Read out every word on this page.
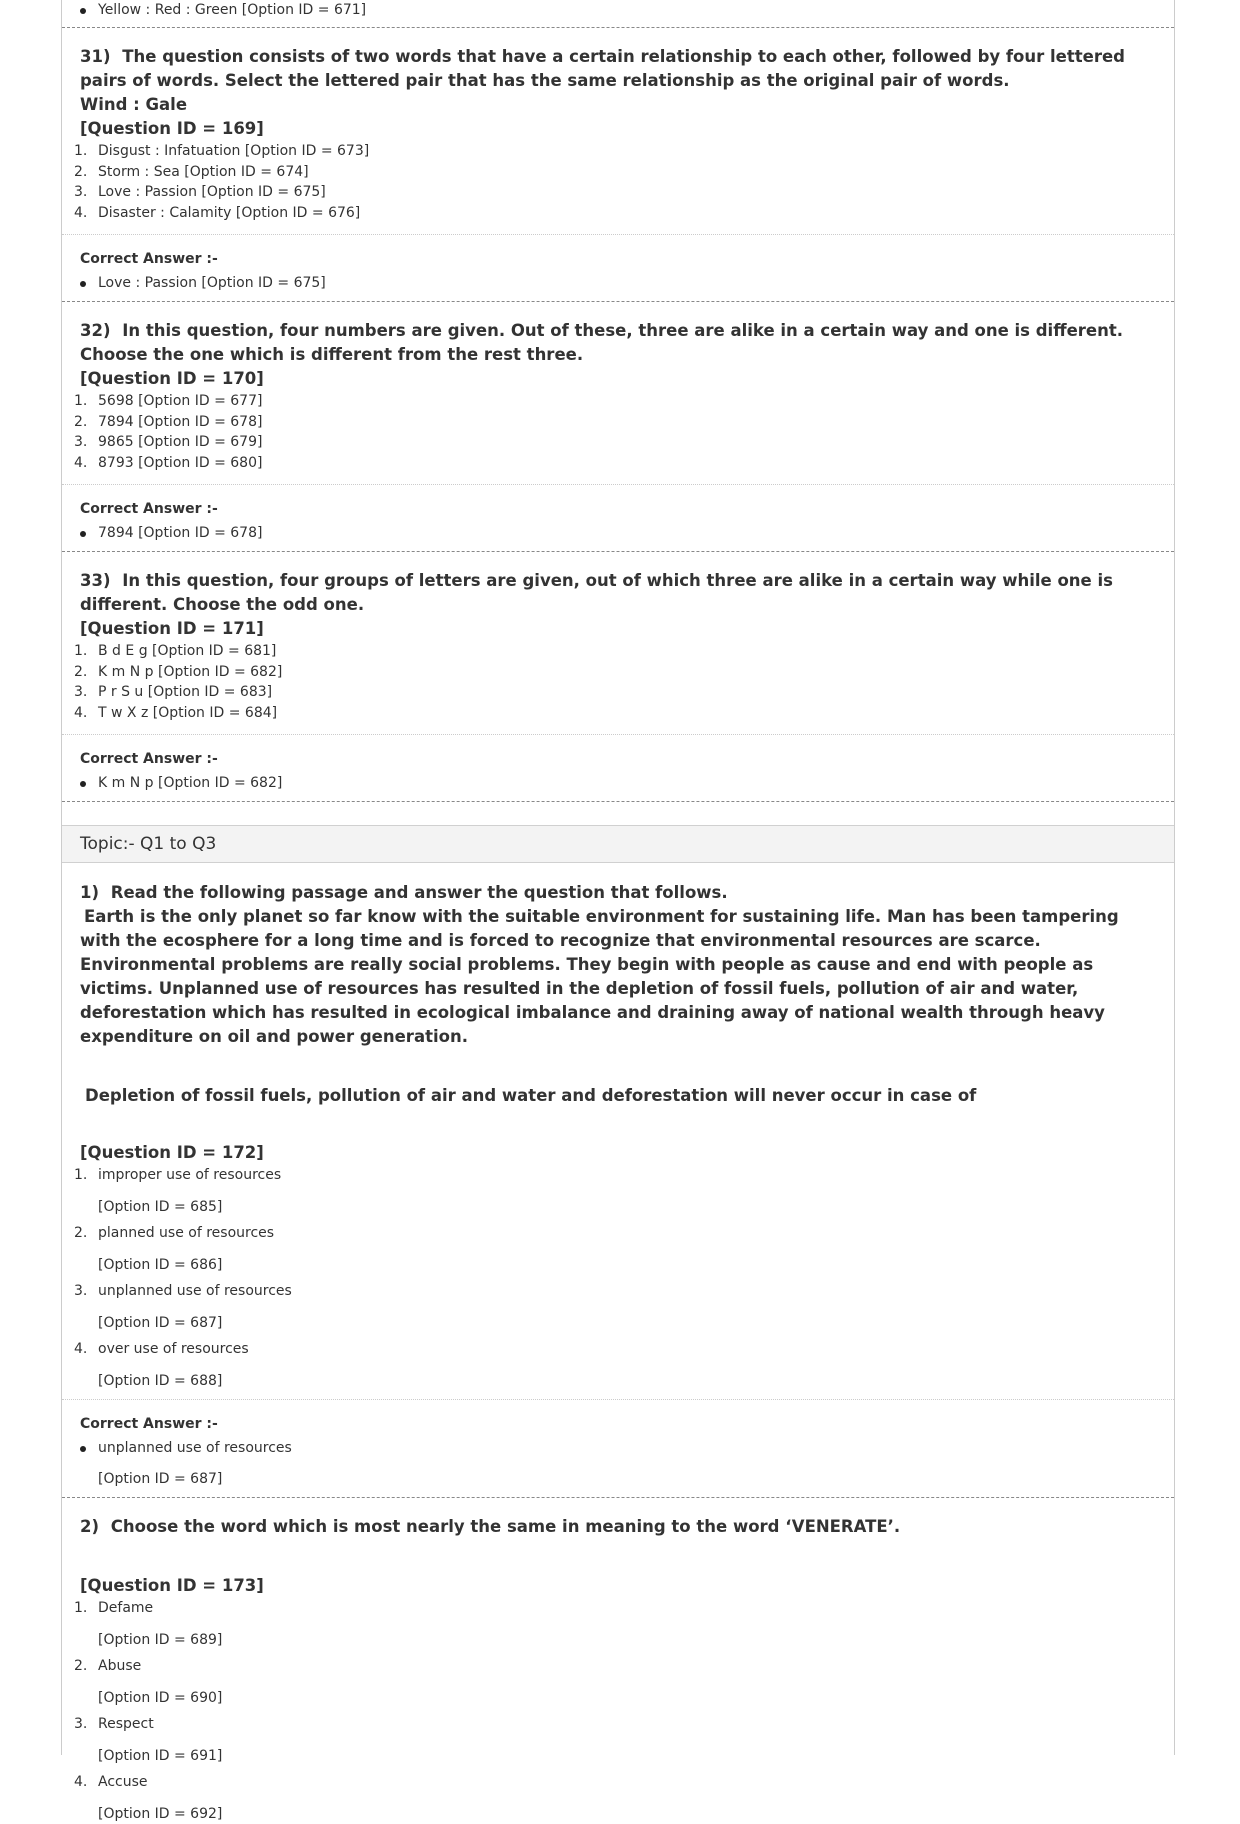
Yellow : Red : Green [Option ID = 671]
31) The question consists of two words that have a certain relationship to each other, followed by four lettered pairs of words. Select the lettered pair that has the same relationship as the original pair of words.
Wind : Gale
[Question ID = 169]
1. Disgust : Infatuation [Option ID = 673]
2. Storm : Sea [Option ID = 674]
3. Love : Passion [Option ID = 675]
4. Disaster : Calamity [Option ID = 676]
Correct Answer :-
Love : Passion [Option ID = 675]
32) In this question, four numbers are given. Out of these, three are alike in a certain way and one is different. Choose the one which is different from the rest three.
[Question ID = 170]
1. 5698 [Option ID = 677]
2. 7894 [Option ID = 678]
3. 9865 [Option ID = 679]
4. 8793 [Option ID = 680]
Correct Answer :-
7894 [Option ID = 678]
33) In this question, four groups of letters are given, out of which three are alike in a certain way while one is different. Choose the odd one.
[Question ID = 171]
1. B d E g [Option ID = 681]
2. K m N p [Option ID = 682]
3. P r S u [Option ID = 683]
4. T w X z [Option ID = 684]
Correct Answer :-
K m N p [Option ID = 682]
Topic:- Q1 to Q3
1) Read the following passage and answer the question that follows.
Earth is the only planet so far know with the suitable environment for sustaining life. Man has been tampering with the ecosphere for a long time and is forced to recognize that environmental resources are scarce. Environmental problems are really social problems. They begin with people as cause and end with people as victims. Unplanned use of resources has resulted in the depletion of fossil fuels, pollution of air and water, deforestation which has resulted in ecological imbalance and draining away of national wealth through heavy expenditure on oil and power generation.
Depletion of fossil fuels, pollution of air and water and deforestation will never occur in case of
[Question ID = 172]
1. improper use of resources
[Option ID = 685]
2. planned use of resources
[Option ID = 686]
3. unplanned use of resources
[Option ID = 687]
4. over use of resources
[Option ID = 688]
Correct Answer :-
unplanned use of resources
[Option ID = 687]
2) Choose the word which is most nearly the same in meaning to the word ‘VENERATE’.
[Question ID = 173]
1. Defame
[Option ID = 689]
2. Abuse
[Option ID = 690]
3. Respect
[Option ID = 691]
4. Accuse
[Option ID = 692]
